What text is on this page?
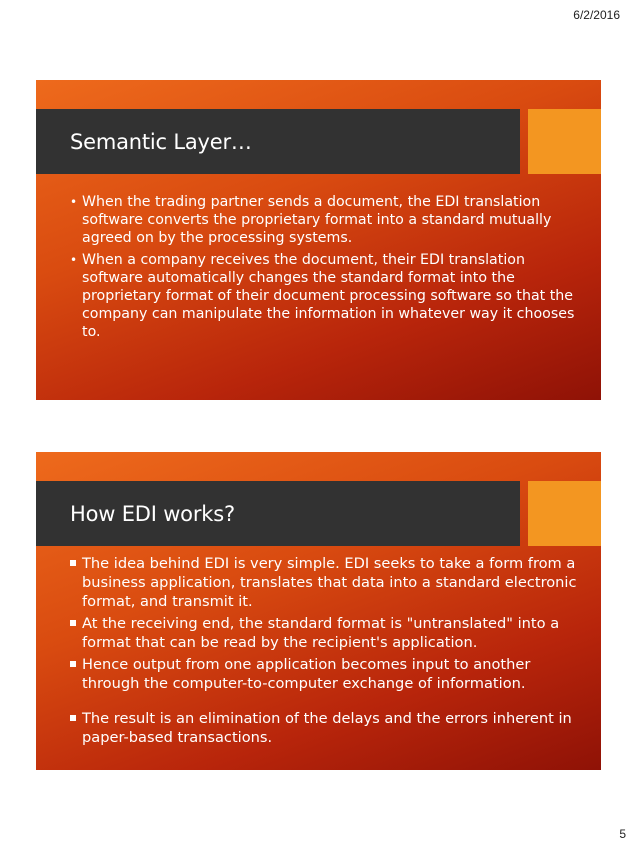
6/2/2016
Semantic Layer…
• When the trading partner sends a document, the EDI translation software converts the proprietary format into a standard mutually agreed on by the processing systems.
• When a company receives the document, their EDI translation software automatically changes the standard format into the proprietary format of their document processing software so that the company can manipulate the information in whatever way it chooses to.
How EDI works?
The idea behind EDI is very simple. EDI seeks to take a form from a business application, translates that data into a standard electronic format, and transmit it.
At the receiving end, the standard format is "untranslated" into a format that can be read by the recipient's application.
Hence output from one application becomes input to another through the computer-to-computer exchange of information.
The result is an elimination of the delays and the errors inherent in paper-based transactions.
5
